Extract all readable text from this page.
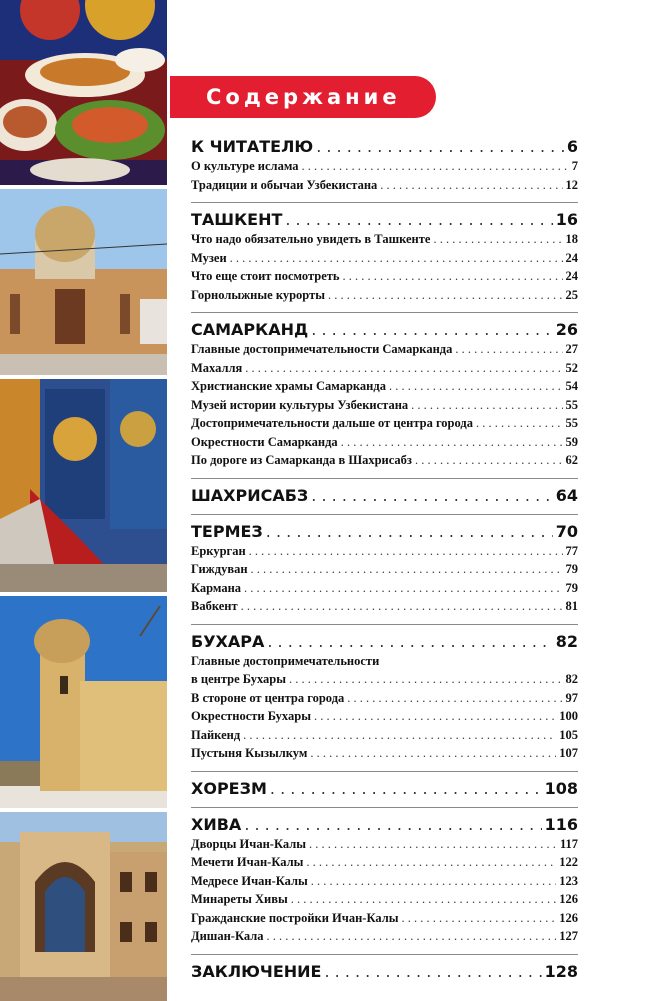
Содержание
К ЧИТАТЕЛЮ . . .	6
О культуре ислама . . .	7
Традиции и обычаи Узбекистана . . .	12
ТАШКЕНТ . . .	16
Что надо обязательно увидеть в Ташкенте . . .	18
Музеи . . .	24
Что еще стоит посмотреть . . .	24
Горнолыжные курорты . . .	25
САМАРКАНД . . .	26
Главные достопримечательности Самарканда . . .	27
Махалля . . .	52
Христианские храмы Самарканда . . .	54
Музей истории культуры Узбекистана . . .	55
Достопримечательности дальше от центра города . . .	55
Окрестности Самарканда . . .	59
По дороге из Самарканда в Шахрисабз . . .	62
ШАХРИСАБЗ . . .	64
ТЕРМЕЗ . . .	70
Еркурган . . .	77
Гиждуван . . .	79
Кармана . . .	79
Вабкент . . .	81
БУХАРА . . .	82
Главные достопримечательности
в центре Бухары . . .	82
В стороне от центра города . . .	97
Окрестности Бухары . . .	100
Пайкенд . . .	105
Пустыня Кызылкум . . .	107
ХОРЕЗМ . . .	108
ХИВА . . .	116
Дворцы Ичан-Калы . . .	117
Мечети Ичан-Калы . . .	122
Медресе Ичан-Калы . . .	123
Минареты Хивы . . .	126
Гражданские постройки Ичан-Калы . . .	126
Дишан-Кала . . .	127
ЗАКЛЮЧЕНИЕ . . .	128
